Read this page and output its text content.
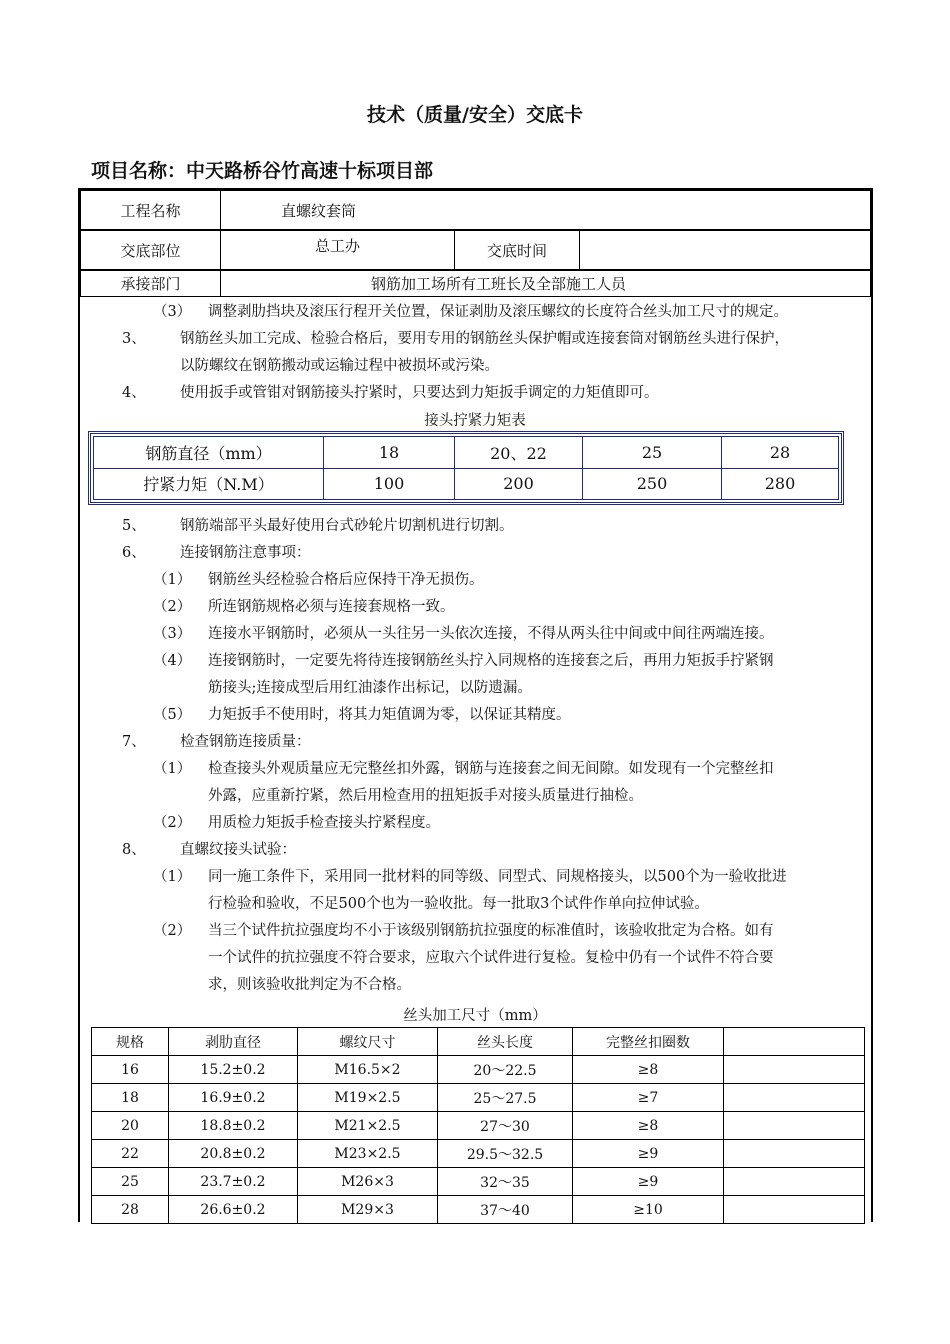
技术（质量/安全）交底卡
项目名称：中天路桥谷竹高速十标项目部
工程名称	直螺纹套筒
交底部位	总工办	交底时间	
承接部门	钢筋加工场所有工班长及全部施工人员
（3） 调整剥肋挡块及滚压行程开关位置，保证剥肋及滚压螺纹的长度符合丝头加工尺寸的规定。
3、 钢筋丝头加工完成、检验合格后，要用专用的钢筋丝头保护帽或连接套筒对钢筋丝头进行保护，
以防螺纹在钢筋搬动或运输过程中被损坏或污染。
4、 使用扳手或管钳对钢筋接头拧紧时，只要达到力矩扳手调定的力矩值即可。
接头拧紧力矩表
钢筋直径（mm）	18	20、22	25	28
拧紧力矩（N.M）	100	200	250	280
5、 钢筋端部平头最好使用台式砂轮片切割机进行切割。
6、 连接钢筋注意事项：
（1） 钢筋丝头经检验合格后应保持干净无损伤。
（2） 所连钢筋规格必须与连接套规格一致。
（3） 连接水平钢筋时，必须从一头往另一头依次连接，不得从两头往中间或中间往两端连接。
（4） 连接钢筋时，一定要先将待连接钢筋丝头拧入同规格的连接套之后，再用力矩扳手拧紧钢
筋接头;连接成型后用红油漆作出标记，以防遗漏。
（5） 力矩扳手不使用时，将其力矩值调为零，以保证其精度。
7、 检查钢筋连接质量：
（1） 检查接头外观质量应无完整丝扣外露，钢筋与连接套之间无间隙。如发现有一个完整丝扣
外露，应重新拧紧，然后用检查用的扭矩扳手对接头质量进行抽检。
（2） 用质检力矩扳手检查接头拧紧程度。
8、 直螺纹接头试验：
（1） 同一施工条件下，采用同一批材料的同等级、同型式、同规格接头，以500个为一验收批进
行检验和验收，不足500个也为一验收批。每一批取3个试件作单向拉伸试验。
（2） 当三个试件抗拉强度均不小于该级别钢筋抗拉强度的标准值时，该验收批定为合格。如有
一个试件的抗拉强度不符合要求，应取六个试件进行复检。复检中仍有一个试件不符合要
求，则该验收批判定为不合格。
丝头加工尺寸（mm）
规格	剥肋直径	螺纹尺寸	丝头长度	完整丝扣圈数	
16	15.2±0.2	M16.5×2	20～22.5	≥8	
18	16.9±0.2	M19×2.5	25～27.5	≥7	
20	18.8±0.2	M21×2.5	27～30	≥8	
22	20.8±0.2	M23×2.5	29.5～32.5	≥9	
25	23.7±0.2	M26×3	32～35	≥9	
28	26.6±0.2	M29×3	37～40	≥10	
